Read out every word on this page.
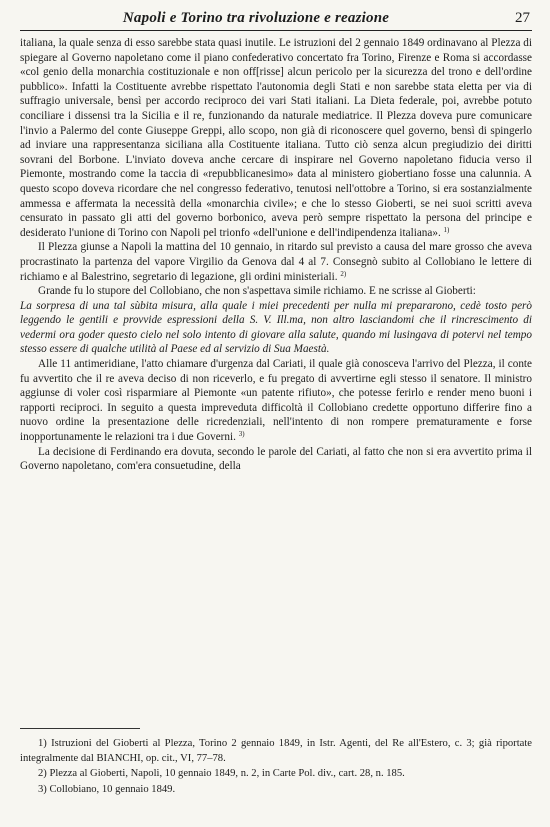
Napoli e Torino tra rivoluzione e reazione	27

italiana, la quale senza di esso sarebbe stata quasi inutile. Le istruzioni del 2 gennaio 1849 ordinavano al Plezza di spiegare al Governo napoletano come il piano confederativo concertato fra Torino, Firenze e Roma si accordasse «col genio della monarchia costituzionale e non off[risse] alcun pericolo per la sicurezza del trono e dell'ordine pubblico». Infatti la Costituente avrebbe rispettato l'autonomia degli Stati e non sarebbe stata eletta per via di suffragio universale, bensì per accordo reciproco dei vari Stati italiani. La Dieta federale, poi, avrebbe potuto conciliare i dissensi tra la Sicilia e il re, funzionando da naturale mediatrice. Il Plezza doveva pure comunicare l'invio a Palermo del conte Giuseppe Greppi, allo scopo, non già di riconoscere quel governo, bensì di spingerlo ad inviare una rappresentanza siciliana alla Costituente italiana. Tutto ciò senza alcun pregiudizio dei diritti sovrani del Borbone. L'inviato doveva anche cercare di inspirare nel Governo napoletano fiducia verso il Piemonte, mostrando come la taccia di «repubblicanesimo» data al ministero giobertiano fosse una calunnia. A questo scopo doveva ricordare che nel congresso federativo, tenutosi nell'ottobre a Torino, si era sostanzialmente ammessa e affermata la necessità della «monarchia civile»; e che lo stesso Gioberti, se nei suoi scritti aveva censurato in passato gli atti del governo borbonico, aveva però sempre rispettato la persona del principe e desiderato l'unione di Torino con Napoli pel trionfo «dell'unione e dell'indipendenza italiana». $^{1)}$

Il Plezza giunse a Napoli la mattina del 10 gennaio, in ritardo sul previsto a causa del mare grosso che aveva procrastinato la partenza del vapore Virgilio da Genova dal 4 al 7. Consegnò subito al Collobiano le lettere di richiamo e al Balestrino, segretario di legazione, gli ordini ministeriali. $^{2)}$

Grande fu lo stupore del Collobiano, che non s'aspettava simile richiamo. E ne scrisse al Gioberti:

La sorpresa di una tal sùbita misura, alla quale i miei precedenti per nulla mi prepararono, cedè tosto però leggendo le gentili e provvide espressioni della S. V. Ill.ma, non altro lasciandomi che il rincrescimento di vedermi ora goder questo cielo nel solo intento di giovare alla salute, quando mi lusingava di potervi nel tempo stesso essere di qualche utilità al Paese ed al servizio di Sua Maestà.

Alle 11 antimeridiane, l'atto chiamare d'urgenza dal Cariati, il quale già conosceva l'arrivo del Plezza, il conte fu avvertito che il re aveva deciso di non riceverlo, e fu pregato di avvertirne egli stesso il senatore. Il ministro aggiunse di voler così risparmiare al Piemonte «un patente rifiuto», che potesse ferirlo e render meno buoni i rapporti reciproci. In seguito a questa impreveduta difficoltà il Collobiano credette opportuno differire fino a nuovo ordine la presentazione delle ricredenziali, nell'intento di non rompere prematuramente e forse inopportunamente le relazioni tra i due Governi. $^{3)}$

La decisione di Ferdinando era dovuta, secondo le parole del Cariati, al fatto che non si era avvertito prima il Governo napoletano, com'era consuetudine, della

1) Istruzioni del Gioberti al Plezza, Torino 2 gennaio 1849, in Istr. Agenti, del Re all'Estero, c. 3; già riportate integralmente dal BIANCHI, op. cit., VI, 77–78.

2) Plezza al Gioberti, Napoli, 10 gennaio 1849, n. 2, in Carte Pol. div., cart. 28, n. 185.

3) Collobiano, 10 gennaio 1849.
